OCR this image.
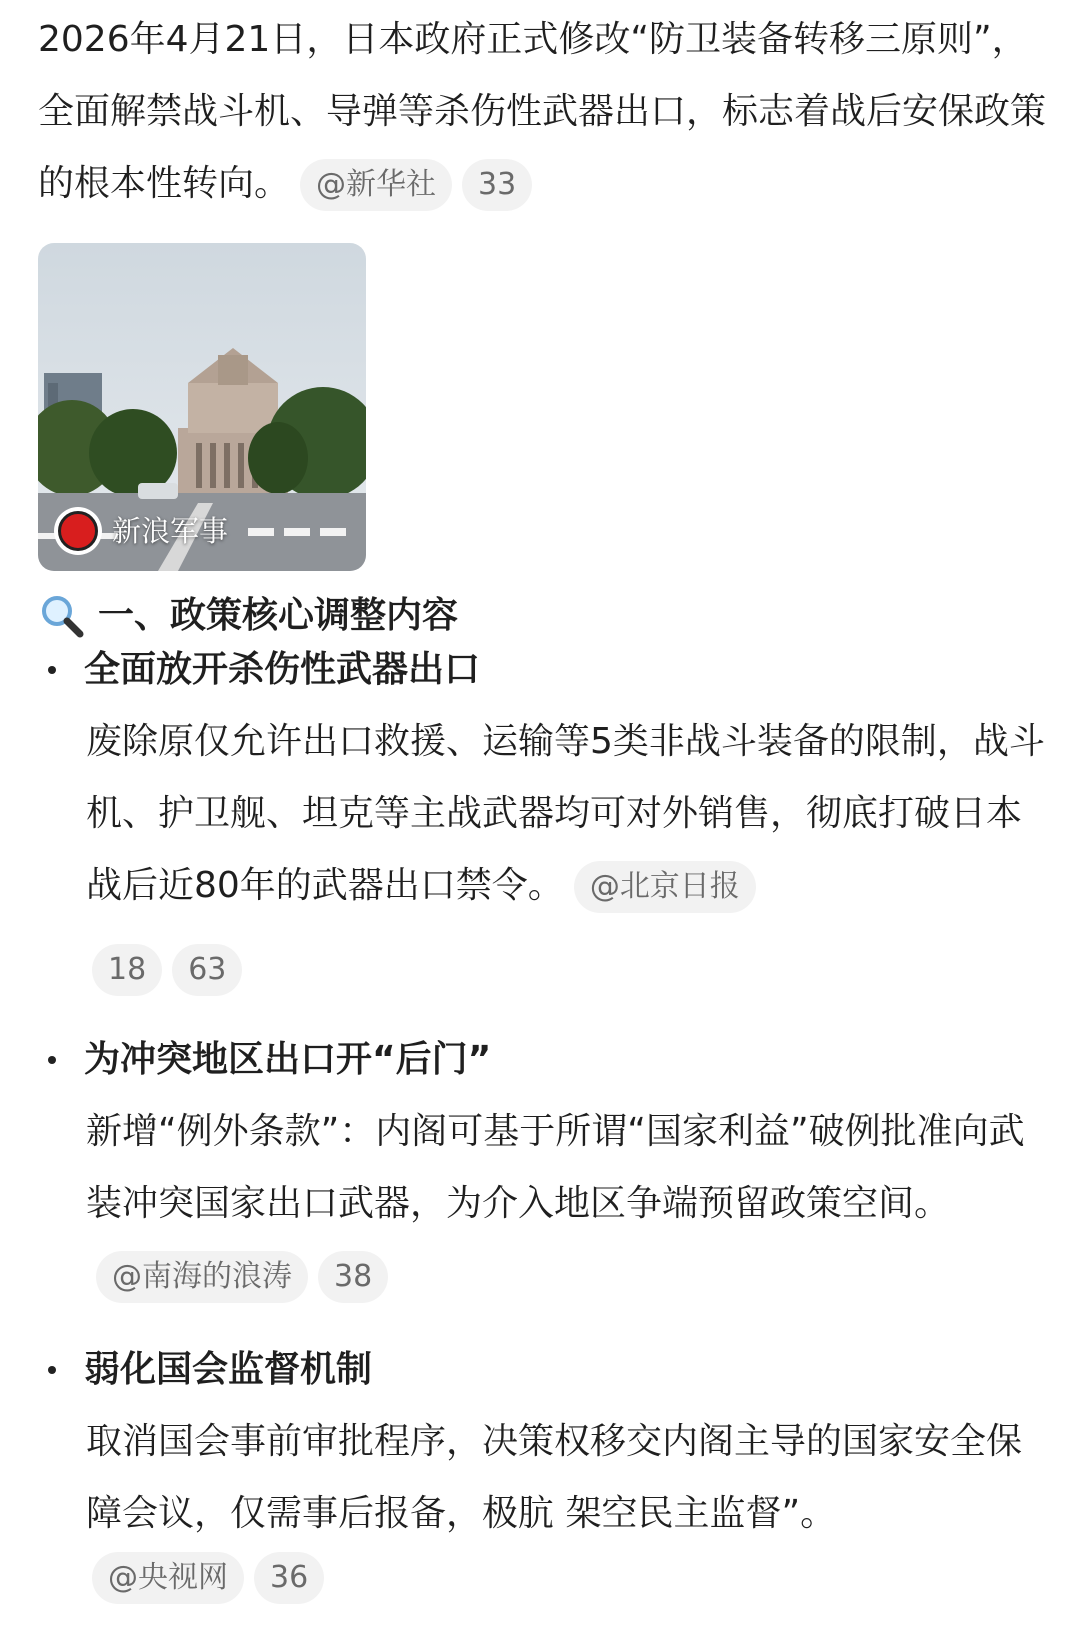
2026年4月21日，日本政府正式修改“防卫装备转移三原则”，全面解禁战斗机、导弹等杀伤性武器出口，标志着战后安保政策的根本性转向。 @新华社 33

新浪军事
一、政策核心调整内容
全面放开杀伤性武器出口

废除原仅允许出口救援、运输等5类非战斗装备的限制，战斗机、护卫舰、坦克等主战武器均可对外销售，彻底打破日本战后近80年的武器出口禁令。 @北京日报

18 63
为冲突地区出口开“后门”

新增“例外条款”：内阁可基于所谓“国家利益”破例批准向武装冲突国家出口武器，为介入地区争端预留政策空间。@南海的浪涛 38

弱化国会监督机制

取消国会事前审批程序，决策权移交内阁主导的国家安全保障会议，仅需事后报备，极肮 架空民主监督”。

@央视网 36
